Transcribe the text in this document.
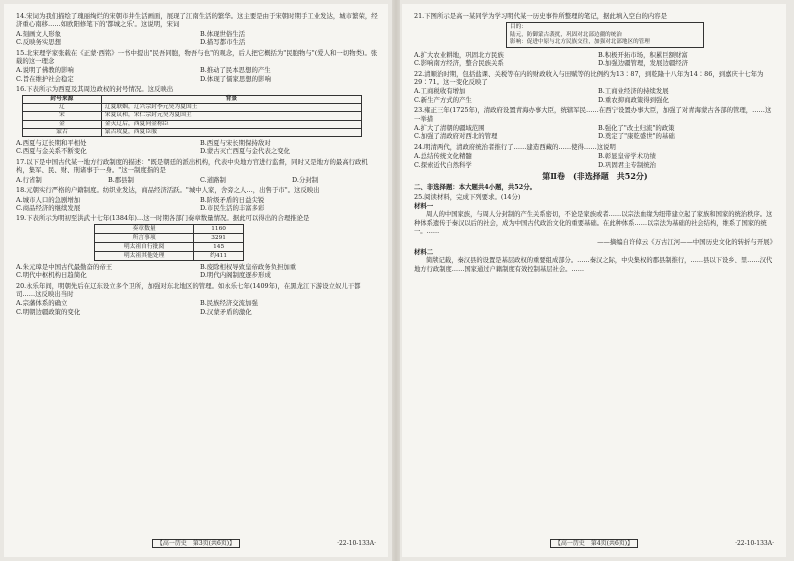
14.宋词为我们描绘了瑰丽绚烂的宋朝市井生活画面，展现了江南生活的繁华。这主要是由于宋朝时期手工业发达，城市繁荣，经济重心南移……如欧阳修笔下的'都城之乐'。这说明，宋词

A.刻画文人形象	B.体现世俗生活
C.反映务实思想	D.描写都市生活

15.北宋理学家张载在《正蒙·西铭》一书中提出"民吾同胞，物吾与也"的观念，后人把它概括为"民胞物与"(爱人和一切物类)。张载的这一理念

A.说明了佛教的影响	B.推动了民本思想的产生
C.旨在维护社会稳定	D.体现了儒家思想的影响

16.下表所示为西夏及其周边政权的封号情况。这反映出

封号来源	背景
辽	辽夏联姻，辽兴宗封李元昊为夏国王
宋	宋夏议和，宋仁宗封元昊为夏国主
金	金灭辽后，西夏向金称臣
蒙古	蒙古攻夏，西夏臣服
A.西夏与辽长期和平相处	B.西夏与宋长期保持敌对
C.西夏与金关系不断变化	D.蒙古灭亡西夏与金代表之变化

17.以下是中国古代某一地方行政制度的描述："既是朝廷的派出机构，代表中央地方官进行监督，同时又是地方的最高行政机构，集军、民、财、刑诸事于一身。"这一制度指的是

A.行省制	B.郡县制	C.道路制	D.分封制

18.元朝实行严格的户籍制度。纺织业发达，商品经济活跃。"城中人家，舍旁之人…，出售于市"。这反映出

A.城市人口的急剧增加	B.阶级矛盾的日益尖锐
C.商品经济的继续发展	D.市民生活的丰富多彩

19.下表所示为明初至洪武十七年(1384年)…这一时期各部门奏章数量情况。据此可以得出的合理推论是

奏章数量	1160
所言事项	3291
明太祖自行批阅	145
明太祖其他处理	约411
A.朱元璋是中国古代最勤奋的帝王	B.废除相权导致皇帝政务负担加重
C.明代中枢机构日趋简化	D.明代内阁制度逐步形成

20.永乐年间，明朝先后在辽东设立多个卫所，加强对东北地区的管理。如永乐七年(1409年)，在黑龙江下游设立奴儿干都司……这反映出当时

A.宗藩体系的确立	B.民族经济交流加强
C.明朝边疆政策的变化	D.汉蒙矛盾的激化
【高一历史　第3页(共6页)】	·22-10-133A·

21.下图所示是高一某同学为学习明代某一历史事件所整理的笔记，据此填入空白的内容是

目的：
陆元，防御蒙古袭扰，巩固对北部边疆的统治
影响：促进中原与北方民族交往，加强对北部地区的管理
A.扩大农业耕地，巩固北方民族	B.积极开拓市场，积累巨额财富
C.影响南方经济，整合民族关系	D.加强边疆管理，发展边疆经济

22.清顺治时期，包括盐课、关税等在内的财政收入与田赋等的比例约为13∶87，到乾隆十八年为14∶86，到嘉庆十七年为29∶71。这一变化反映了

A.工商税收有增加	B.工商业经济的持续发展
C.新生产方式的产生	D.重农抑商政策得到强化

23.雍正三年(1725年)，清政府设置青海办事大臣，统辖军民……在西宁设置办事大臣，加强了对青海蒙古各部的管理，……这一举措

A.扩大了清朝的疆域范围	B.强化了"改土归流"的政策
C.加强了清政府对西北的管理	D.奠定了"康乾盛世"的基础

24.明清两代，清政府统治者推行了……建造西藏的……使得……这说明

A.总结传统文化精髓	B.彰显皇帝学术功绩
C.探索近代自然科学	D.巩固君主专制统治
第Ⅱ卷　(非选择题　共52分)

二、非选择题：本大题共4小题，共52分。

25.阅读材料，完成下列要求。(14分)

材料一

周人的中国家族，与周人分封制的产生关系密切，不论是家族或者……以宗法血缘为纽带建立起了家族和国家的统治秩序。这种体系遗传于秦汉以后的社会，成为中国古代政治文化的重要基础。在此种体系……以宗法为基础的社会结构，维系了国家的统一。……

——摘编自许倬云《万古江河——中国历史文化的转折与开展》

材料二

简牍记载，秦汉县的设置是基层政权的重要组成部分。……秦汉之际，中央集权的郡县制推行，……县以下设乡、里……汉代地方行政制度……国家通过户籍制度有效控制基层社会。……

【高一历史　第4页(共6页)】	·22-10-133A·
